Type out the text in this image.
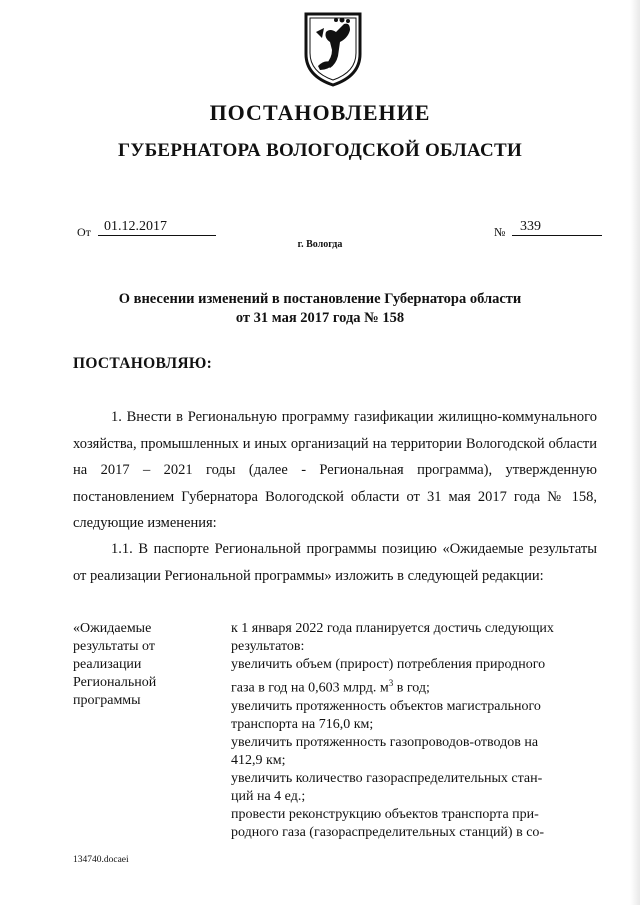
ПОСТАНОВЛЕНИЕ
ГУБЕРНАТОРА ВОЛОГОДСКОЙ ОБЛАСТИ
От 01.12.2017	№	339
г. Вологда
О внесении изменений в постановление Губернатора области
от 31 мая 2017 года № 158
ПОСТАНОВЛЯЮ:
1. Внести в Региональную программу газификации жилищно-коммунального хозяйства, промышленных и иных организаций на территории Вологодской области на 2017 – 2021 годы (далее - Региональная программа), утвержденную постановлением Губернатора Вологодской области от 31 мая 2017 года № 158, следующие изменения:
1.1. В паспорте Региональной программы позицию «Ожидаемые результаты от реализации Региональной программы» изложить в следующей редакции:
«Ожидаемые
результаты от
реализации
Региональной
программы
к 1 января 2022 года планируется достичь следующих
результатов:
увеличить объем (прирост) потребления природного
газа в год на 0,603 млрд. $м^3$ в год;
увеличить протяженность объектов магистрального
транспорта на 716,0 км;
увеличить протяженность газопроводов-отводов на
412,9 км;
увеличить количество газораспределительных стан-
ций на 4 ед.;
провести реконструкцию объектов транспорта при-
родного газа (газораспределительных станций) в со-
134740.docaei
